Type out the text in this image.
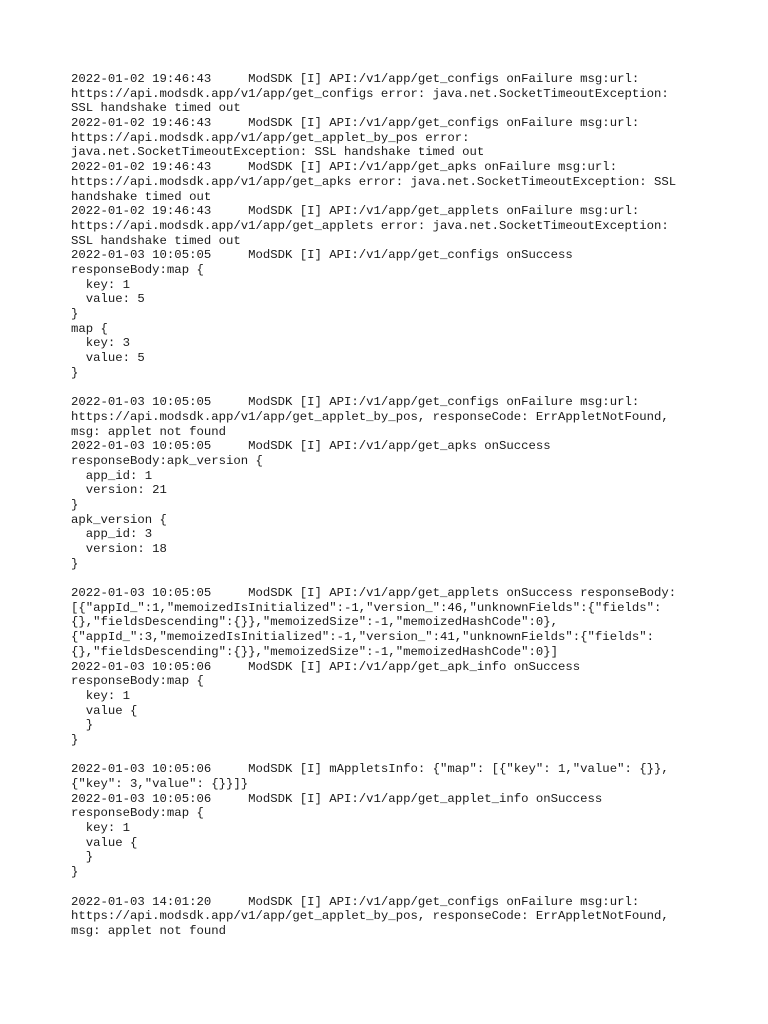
2022-01-02 19:46:43     ModSDK [I] API:/v1/app/get_configs onFailure msg:url:

https://api.modsdk.app/v1/app/get_configs error: java.net.SocketTimeoutException:

SSL handshake timed out

2022-01-02 19:46:43     ModSDK [I] API:/v1/app/get_configs onFailure msg:url:

https://api.modsdk.app/v1/app/get_applet_by_pos error:

java.net.SocketTimeoutException: SSL handshake timed out

2022-01-02 19:46:43     ModSDK [I] API:/v1/app/get_apks onFailure msg:url:

https://api.modsdk.app/v1/app/get_apks error: java.net.SocketTimeoutException: SSL

handshake timed out

2022-01-02 19:46:43     ModSDK [I] API:/v1/app/get_applets onFailure msg:url:

https://api.modsdk.app/v1/app/get_applets error: java.net.SocketTimeoutException:

SSL handshake timed out

2022-01-03 10:05:05     ModSDK [I] API:/v1/app/get_configs onSuccess

responseBody:map {

key: 1

value: 5

}

map {

key: 3

value: 5

}

2022-01-03 10:05:05     ModSDK [I] API:/v1/app/get_configs onFailure msg:url:

https://api.modsdk.app/v1/app/get_applet_by_pos, responseCode: ErrAppletNotFound,

msg: applet not found

2022-01-03 10:05:05     ModSDK [I] API:/v1/app/get_apks onSuccess

responseBody:apk_version {

app_id: 1

version: 21

}

apk_version {

app_id: 3

version: 18

}

2022-01-03 10:05:05     ModSDK [I] API:/v1/app/get_applets onSuccess responseBody:

[{"appId_":1,"memoizedIsInitialized":-1,"version_":46,"unknownFields":{"fields":

{},"fieldsDescending":{}},"memoizedSize":-1,"memoizedHashCode":0},

{"appId_":3,"memoizedIsInitialized":-1,"version_":41,"unknownFields":{"fields":

{},"fieldsDescending":{}},"memoizedSize":-1,"memoizedHashCode":0}]

2022-01-03 10:05:06     ModSDK [I] API:/v1/app/get_apk_info onSuccess

responseBody:map {

key: 1

value {

}

}

2022-01-03 10:05:06     ModSDK [I] mAppletsInfo: {"map": [{"key": 1,"value": {}},

{"key": 3,"value": {}}]}

2022-01-03 10:05:06     ModSDK [I] API:/v1/app/get_applet_info onSuccess

responseBody:map {

key: 1

value {

}

}

2022-01-03 14:01:20     ModSDK [I] API:/v1/app/get_configs onFailure msg:url:

https://api.modsdk.app/v1/app/get_applet_by_pos, responseCode: ErrAppletNotFound,

msg: applet not found
